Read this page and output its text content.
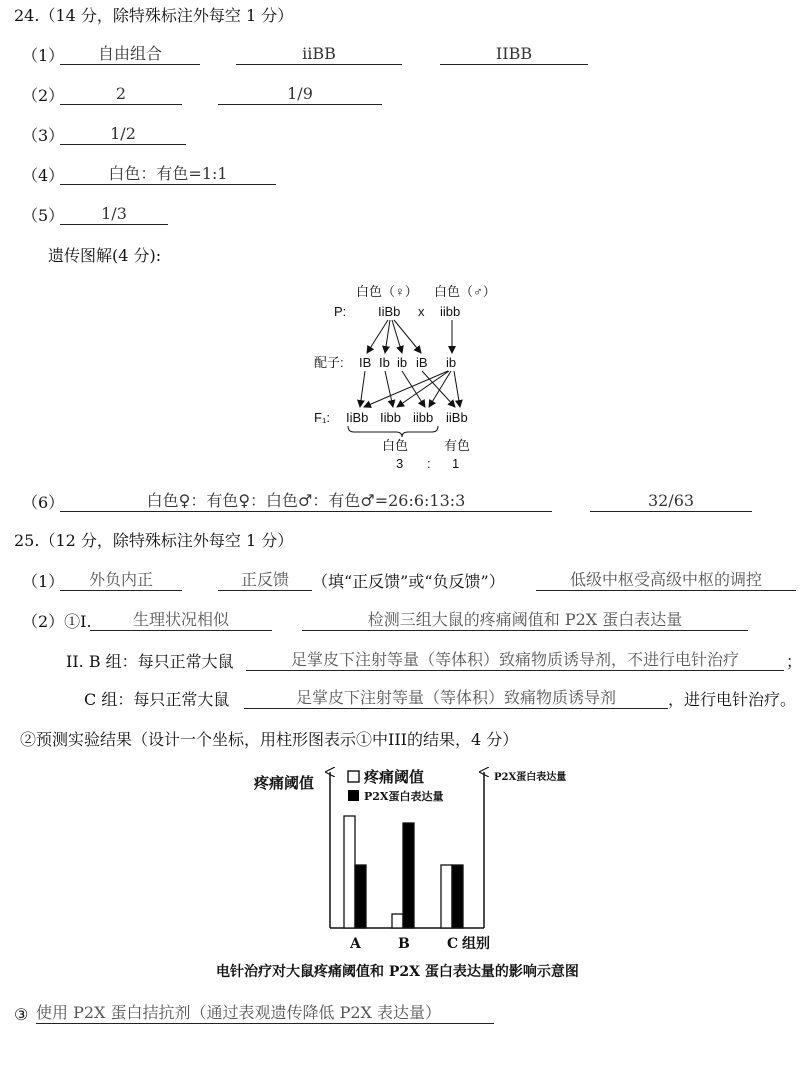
24.（14 分，除特殊标注外每空 1 分）
（1）	自由组合	iiBB	IIBB
（2）	2	1/9
（3）	1/2
（4）	白色：有色=1:1
（5）	1/3
遗传图解(4 分):
白色（♀） 白色（♂）
P: IiBb x iibb
配子: IB Ib ib iB ib
F₁: IiBb Iibb iibb iiBb
白色	有色
3 : 1
（6）	白色♀：有色♀：白色♂：有色♂=26:6:13:3	32/63
25.（12 分，除特殊标注外每空 1 分）
（1）	外负内正	正反馈	（填“正反馈”或“负反馈”）	低级中枢受高级中枢的调控
（2）①I.	生理状况相似	检测三组大鼠的疼痛阈值和 P2X 蛋白表达量
II. B 组：每只正常大鼠	足掌皮下注射等量（等体积）致痛物质诱导剂，不进行电针治疗	；
C 组：每只正常大鼠	足掌皮下注射等量（等体积）致痛物质诱导剂	，进行电针治疗。
②预测实验结果（设计一个坐标，用柱形图表示①中III的结果，4 分）
疼痛阈值	疼痛阈值
P2X蛋白表达量
P2X蛋白表达量
A	B	C 组别
电针治疗对大鼠疼痛阈值和 P2X 蛋白表达量的影响示意图
③ 使用 P2X 蛋白拮抗剂（通过表观遗传降低 P2X 表达量）
